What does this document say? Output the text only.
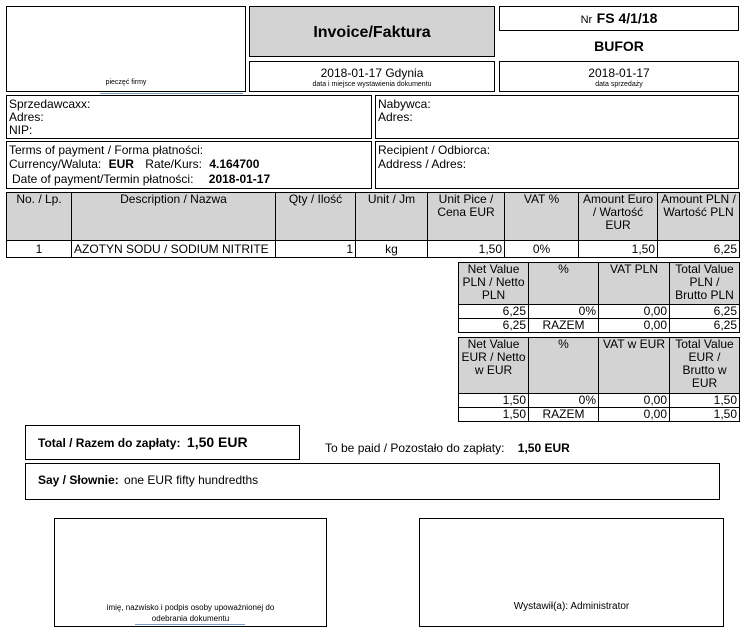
pieczęć firmy
Invoice/Faktura
2018-01-17 Gdynia
data i miejsce wystawienia dokumentu
Nr FS 4/1/18
BUFOR
2018-01-17
data sprzedaży
Sprzedawcaxx:
Adres:
NIP:
Nabywca:
Adres:
Terms of payment / Forma płatności:
Currency/Waluta: EUR Rate/Kurs: 4.164700
Date of payment/Termin płatności: 2018-01-17
Recipient / Odbiorca:
Address / Adres:
No. / Lp.	Description / Nazwa	Qty / Ilość	Unit / Jm	Unit Pice / Cena EUR	VAT %	Amount Euro / Wartość EUR	Amount PLN / Wartość PLN
1	AZOTYN SODU / SODIUM NITRITE	1	kg	1,50	0%	1,50	6,25
Net Value PLN / Netto PLN	%	VAT PLN	Total Value PLN / Brutto PLN
6,25	0%	0,00	6,25
6,25	RAZEM	0,00	6,25
Net Value EUR / Netto w EUR	%	VAT w EUR	Total Value EUR / Brutto w EUR
1,50	0%	0,00	1,50
1,50	RAZEM	0,00	1,50
Total / Razem do zapłaty: 1,50 EUR	To be paid / Pozostało do zapłaty: 1,50 EUR
Say / Słownie: one EUR fifty hundredths
imię, nazwisko i podpis osoby upoważnionej do
odebrania dokumentu
Wystawił(a): Administrator
